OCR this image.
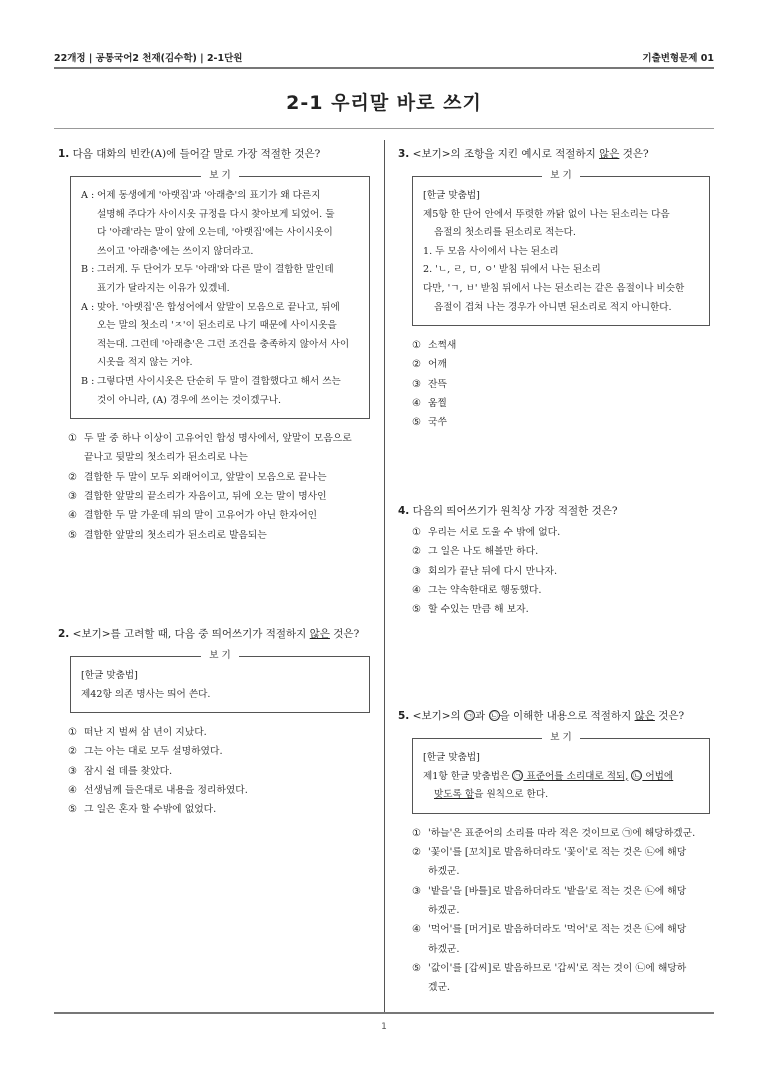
22개정 | 공통국어2 천재(김수학) | 2-1단원	기출변형문제 01
2-1 우리말 바로 쓰기
1. 다음 대화의 빈칸(A)에 들어갈 말로 가장 적절한 것은?
보 기
A : 어제 동생에게 '아랫집'과 '아래층'의 표기가 왜 다른지
설명해 주다가 사이시옷 규정을 다시 찾아보게 되었어. 둘
다 '아래'라는 말이 앞에 오는데, '아랫집'에는 사이시옷이
쓰이고 '아래층'에는 쓰이지 않더라고.
B : 그러게. 두 단어가 모두 '아래'와 다른 말이 결합한 말인데
표기가 달라지는 이유가 있겠네.
A : 맞아. '아랫집'은 합성어에서 앞말이 모음으로 끝나고, 뒤에
오는 말의 첫소리 'ㅈ'이 된소리로 나기 때문에 사이시옷을
적는대. 그런데 '아래층'은 그런 조건을 충족하지 않아서 사이
시옷을 적지 않는 거야.
B : 그렇다면 사이시옷은 단순히 두 말이 결합했다고 해서 쓰는
것이 아니라, (A) 경우에 쓰이는 것이겠구나.
① 두 말 중 하나 이상이 고유어인 합성 명사에서, 앞말이 모음으로
끝나고 뒷말의 첫소리가 된소리로 나는
② 결합한 두 말이 모두 외래어이고, 앞말이 모음으로 끝나는
③ 결합한 앞말의 끝소리가 자음이고, 뒤에 오는 말이 명사인
④ 결합한 두 말 가운데 뒤의 말이 고유어가 아닌 한자어인
⑤ 결합한 앞말의 첫소리가 된소리로 발음되는
2. <보기>를 고려할 때, 다음 중 띄어쓰기가 적절하지 않은 것은?
보 기
[한글 맞춤법]
제42항 의존 명사는 띄어 쓴다.
① 떠난 지 벌써 삼 년이 지났다.
② 그는 아는 대로 모두 설명하였다.
③ 잠시 쉴 데를 찾았다.
④ 선생님께 들은대로 내용을 정리하였다.
⑤ 그 일은 혼자 할 수밖에 없었다.
3. <보기>의 조항을 지킨 예시로 적절하지 않은 것은?
보 기
[한글 맞춤법]
제5항 한 단어 안에서 뚜렷한 까닭 없이 나는 된소리는 다음
음절의 첫소리를 된소리로 적는다.
1. 두 모음 사이에서 나는 된소리
2. 'ㄴ, ㄹ, ㅁ, ㅇ' 받침 뒤에서 나는 된소리
다만, 'ㄱ, ㅂ' 받침 뒤에서 나는 된소리는 같은 음절이나 비슷한
음절이 겹쳐 나는 경우가 아니면 된소리로 적지 아니한다.
① 소쩍새
② 어깨
③ 잔뜩
④ 움찔
⑤ 국쑤
4. 다음의 띄어쓰기가 원칙상 가장 적절한 것은?
① 우리는 서로 도울 수 밖에 없다.
② 그 일은 나도 해볼만 하다.
③ 회의가 끝난 뒤에 다시 만나자.
④ 그는 약속한대로 행동했다.
⑤ 할 수있는 만큼 해 보자.
5. <보기>의 ㉠ 과 ㉡ 을 이해한 내용으로 적절하지 않은 것은?
보 기
[한글 맞춤법]
제1항 한글 맞춤법은 ㉠ 표준어를 소리대로 적되, ㉡ 어법에
맞도록 함을 원칙으로 한다.
① '하늘'은 표준어의 소리를 따라 적은 것이므로 ㉠에 해당하겠군.
② '꽃이'를 [꼬치]로 발음하더라도 '꽃이'로 적는 것은 ㉡에 해당
하겠군.
③ '밭을'을 [바틀]로 발음하더라도 '밭을'로 적는 것은 ㉡에 해당
하겠군.
④ '먹어'를 [머거]로 발음하더라도 '먹어'로 적는 것은 ㉡에 해당
하겠군.
⑤ '값이'를 [갑씨]로 발음하므로 '갑씨'로 적는 것이 ㉡에 해당하
겠군.
1
